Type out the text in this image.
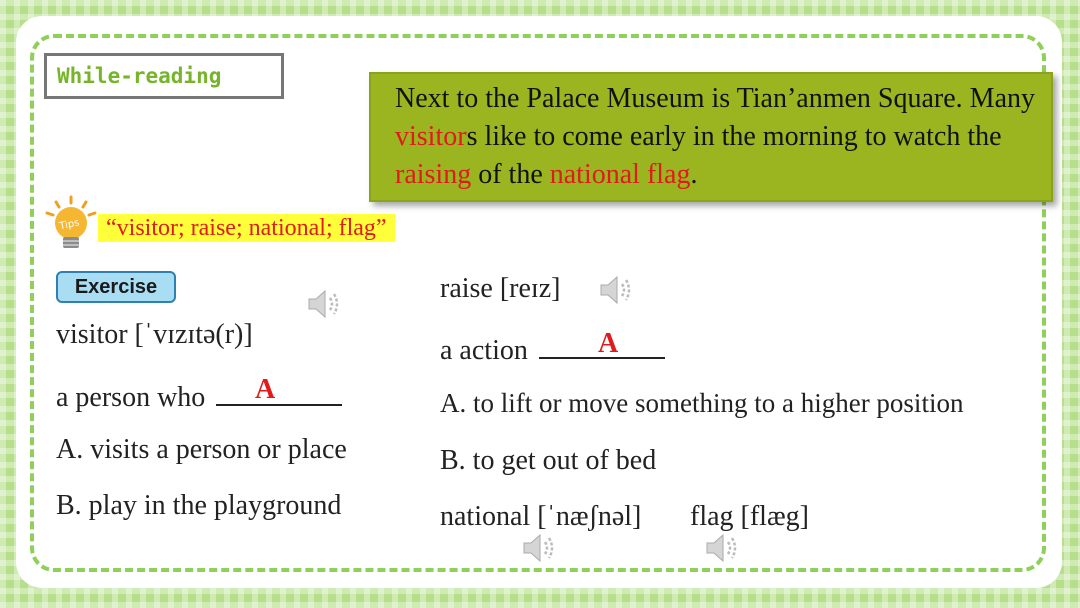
While-reading

Next to the Palace Museum is Tian’anmen Square. Many visitors like to come early in the morning to watch the raising of the national flag.

Tips	“visitor; raise; national; flag”
Exercise
visitor [ˈvɪzɪtə(r)]
a person who	A
A. visits a person or place
B. play in the playground
raise [reɪz]
a action	A
A. to lift or move something to a higher position
B. to get out of bed
national [ˈnæʃnəl] flag [flæg]
